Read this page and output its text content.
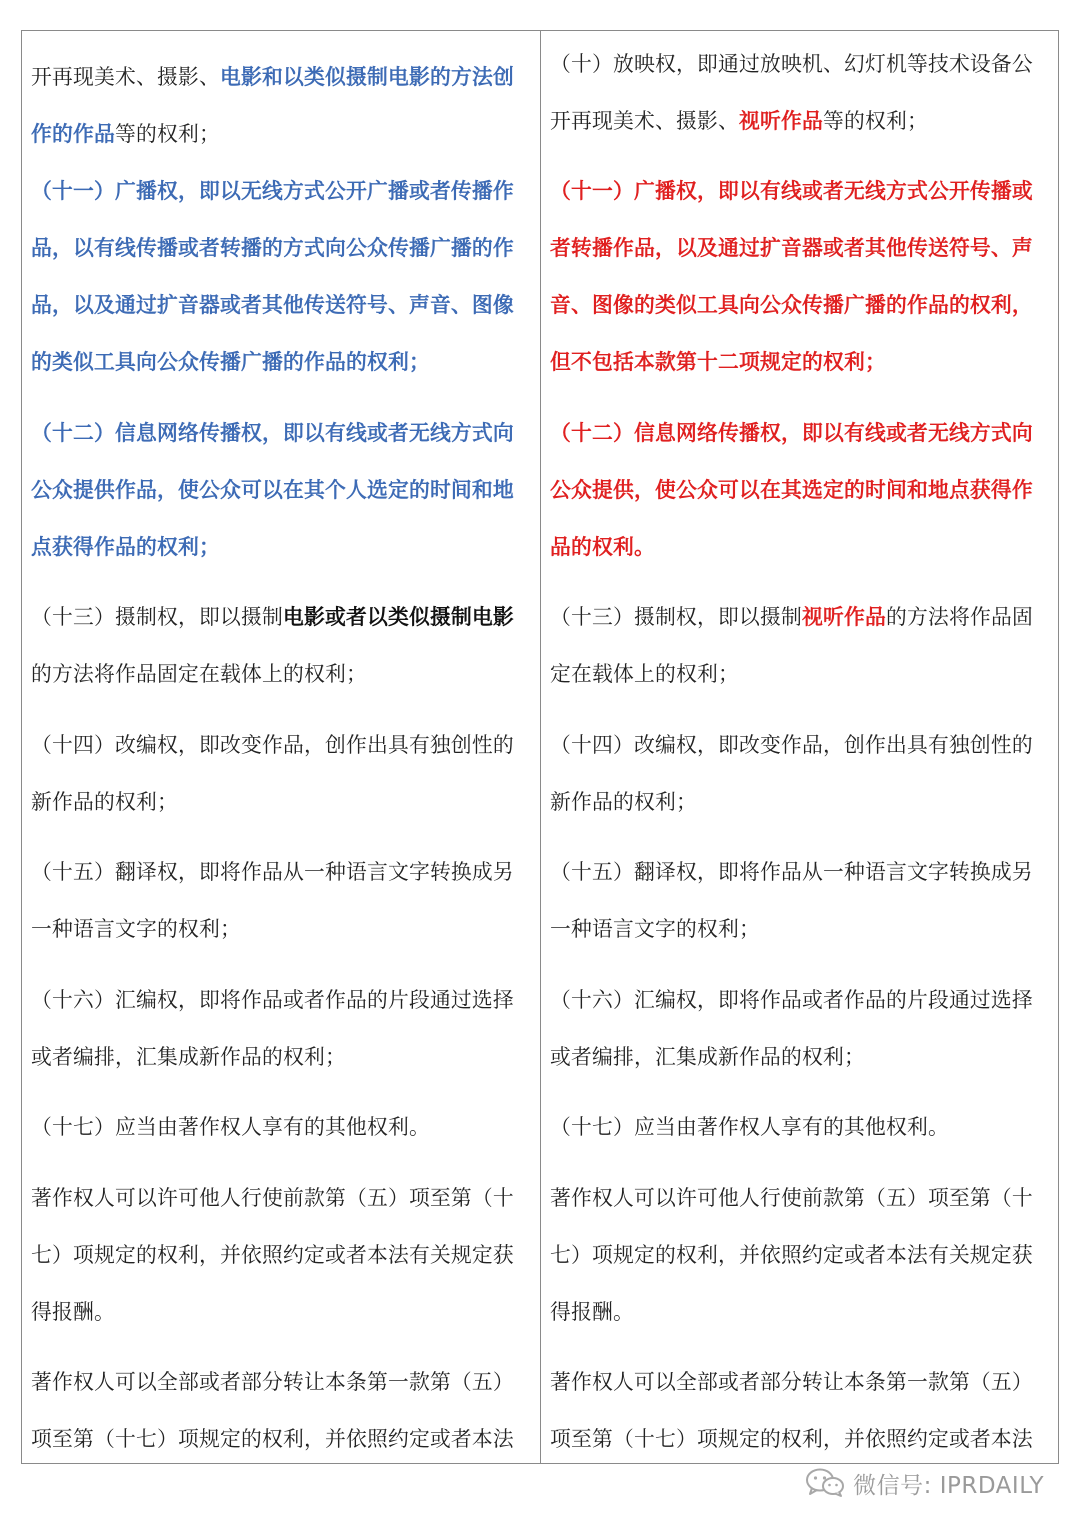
开再现美术、摄影、电影和以类似摄制电影的方法创作的作品等的权利；

（十一）广播权，即以无线方式公开广播或者传播作品，以有线传播或者转播的方式向公众传播广播的作品，以及通过扩音器或者其他传送符号、声音、图像的类似工具向公众传播广播的作品的权利；

（十二）信息网络传播权，即以有线或者无线方式向公众提供作品，使公众可以在其个人选定的时间和地点获得作品的权利；

（十三）摄制权，即以摄制电影或者以类似摄制电影的方法将作品固定在载体上的权利；

（十四）改编权，即改变作品，创作出具有独创性的新作品的权利；

（十五）翻译权，即将作品从一种语言文字转换成另一种语言文字的权利；

（十六）汇编权，即将作品或者作品的片段通过选择或者编排，汇集成新作品的权利；

（十七）应当由著作权人享有的其他权利。

著作权人可以许可他人行使前款第（五）项至第（十七）项规定的权利，并依照约定或者本法有关规定获得报酬。

著作权人可以全部或者部分转让本条第一款第（五）项至第（十七）项规定的权利，并依照约定或者本法

（十）放映权，即通过放映机、幻灯机等技术设备公开再现美术、摄影、视听作品等的权利；

（十一）广播权，即以有线或者无线方式公开传播或者转播作品，以及通过扩音器或者其他传送符号、声音、图像的类似工具向公众传播广播的作品的权利，但不包括本款第十二项规定的权利；

（十二）信息网络传播权，即以有线或者无线方式向公众提供，使公众可以在其选定的时间和地点获得作品的权利。

（十三）摄制权，即以摄制视听作品的方法将作品固定在载体上的权利；

（十四）改编权，即改变作品，创作出具有独创性的新作品的权利；

（十五）翻译权，即将作品从一种语言文字转换成另一种语言文字的权利；

（十六）汇编权，即将作品或者作品的片段通过选择或者编排，汇集成新作品的权利；

（十七）应当由著作权人享有的其他权利。

著作权人可以许可他人行使前款第（五）项至第（十七）项规定的权利，并依照约定或者本法有关规定获得报酬。

著作权人可以全部或者部分转让本条第一款第（五）项至第（十七）项规定的权利，并依照约定或者本法

微信号: IPRDAILY
